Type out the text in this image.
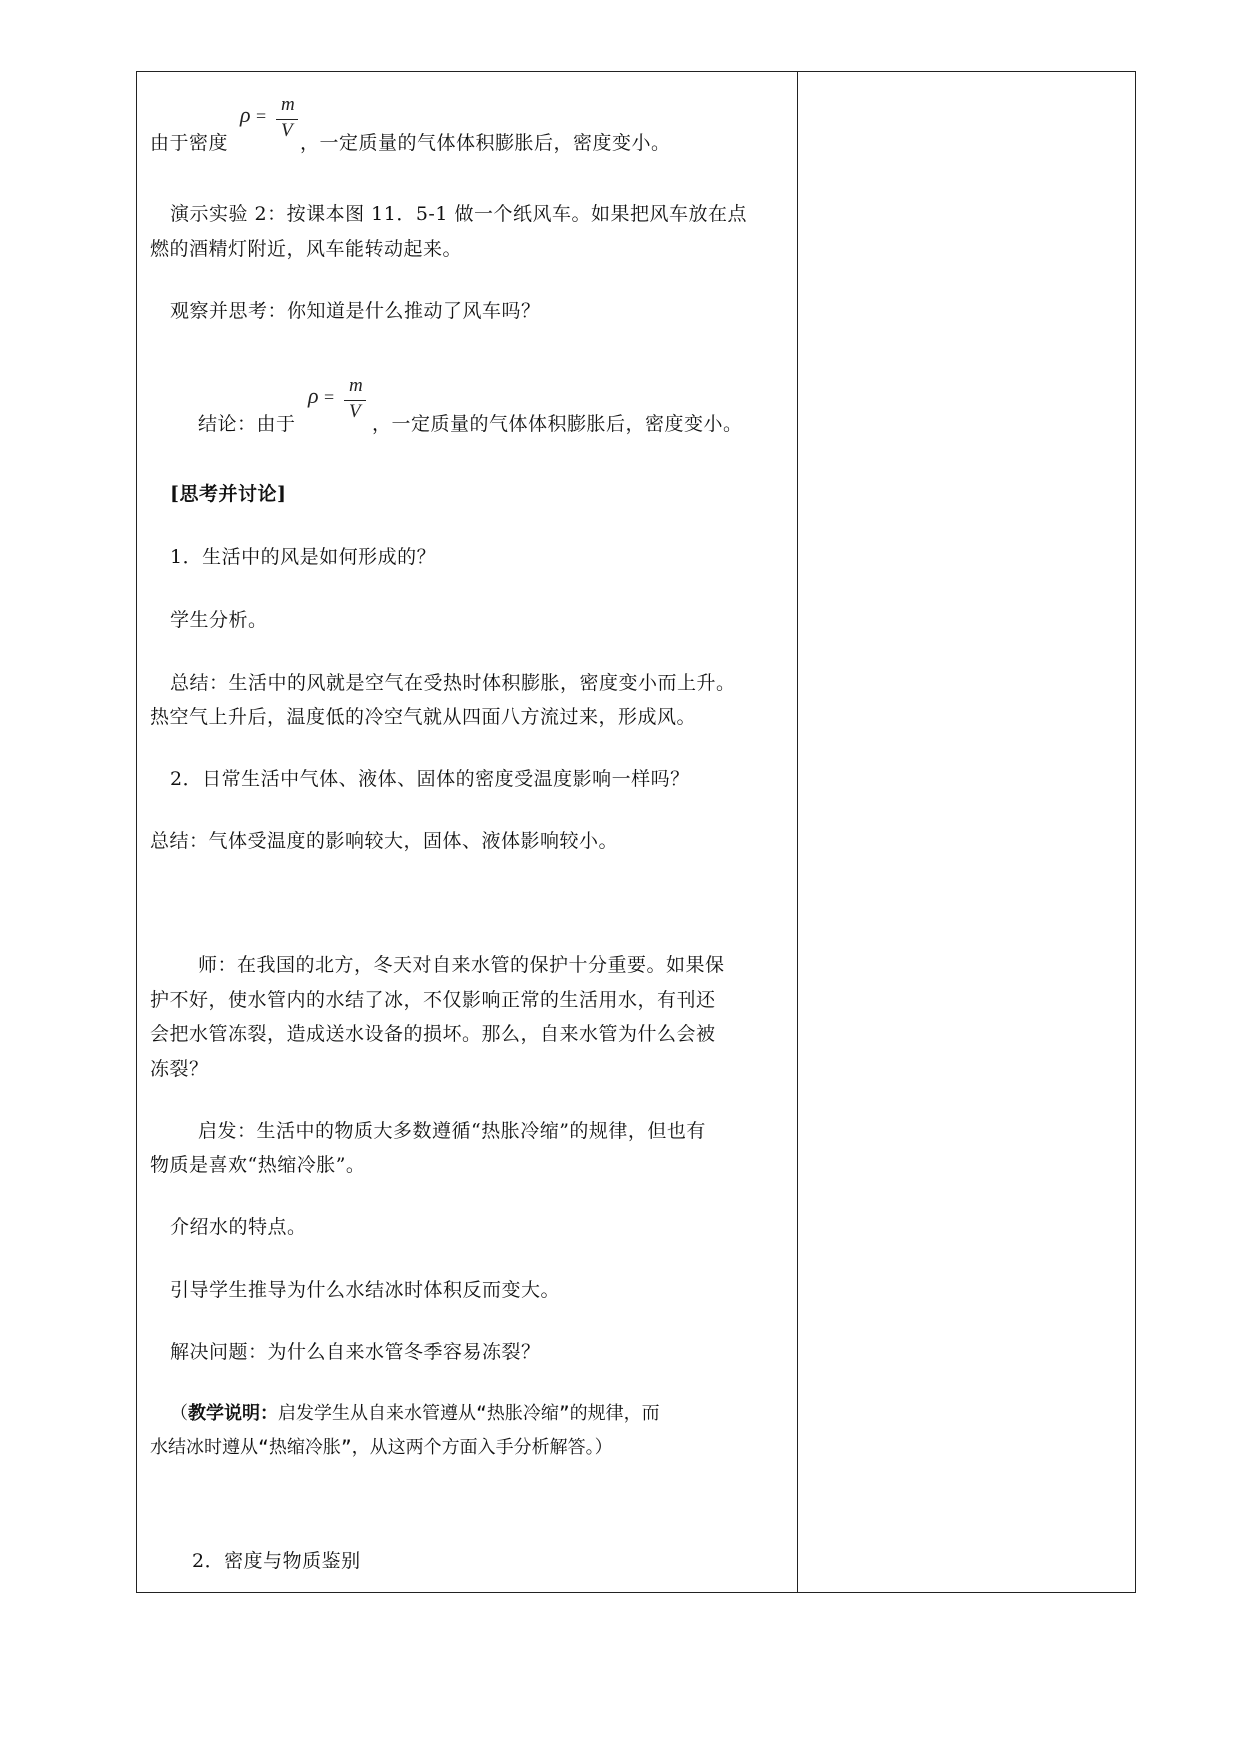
由于密度
ρ =
m
V
，一定质量的气体体积膨胀后，密度变小。
演示实验 2：按课本图 11．5-1 做一个纸风车。如果把风车放在点
燃的酒精灯附近，风车能转动起来。
观察并思考：你知道是什么推动了风车吗？
结论：由于
ρ =
m
V
，一定质量的气体体积膨胀后，密度变小。
[思考并讨论]
1．生活中的风是如何形成的？
学生分析。
总结：生活中的风就是空气在受热时体积膨胀，密度变小而上升。
热空气上升后，温度低的冷空气就从四面八方流过来，形成风。
2．日常生活中气体、液体、固体的密度受温度影响一样吗？
总结：气体受温度的影响较大，固体、液体影响较小。
师：在我国的北方，冬天对自来水管的保护十分重要。如果保
护不好，使水管内的水结了冰，不仅影响正常的生活用水，有刊还
会把水管冻裂，造成送水设备的损坏。那么，自来水管为什么会被
冻裂？
启发：生活中的物质大多数遵循“热胀冷缩”的规律，但也有
物质是喜欢“热缩冷胀”。
介绍水的特点。
引导学生推导为什么水结冰时体积反而变大。
解决问题：为什么自来水管冬季容易冻裂？
（教学说明：启发学生从自来水管遵从“热胀冷缩”的规律，而
水结冰时遵从“热缩冷胀”，从这两个方面入手分析解答。）
2．密度与物质鉴别
